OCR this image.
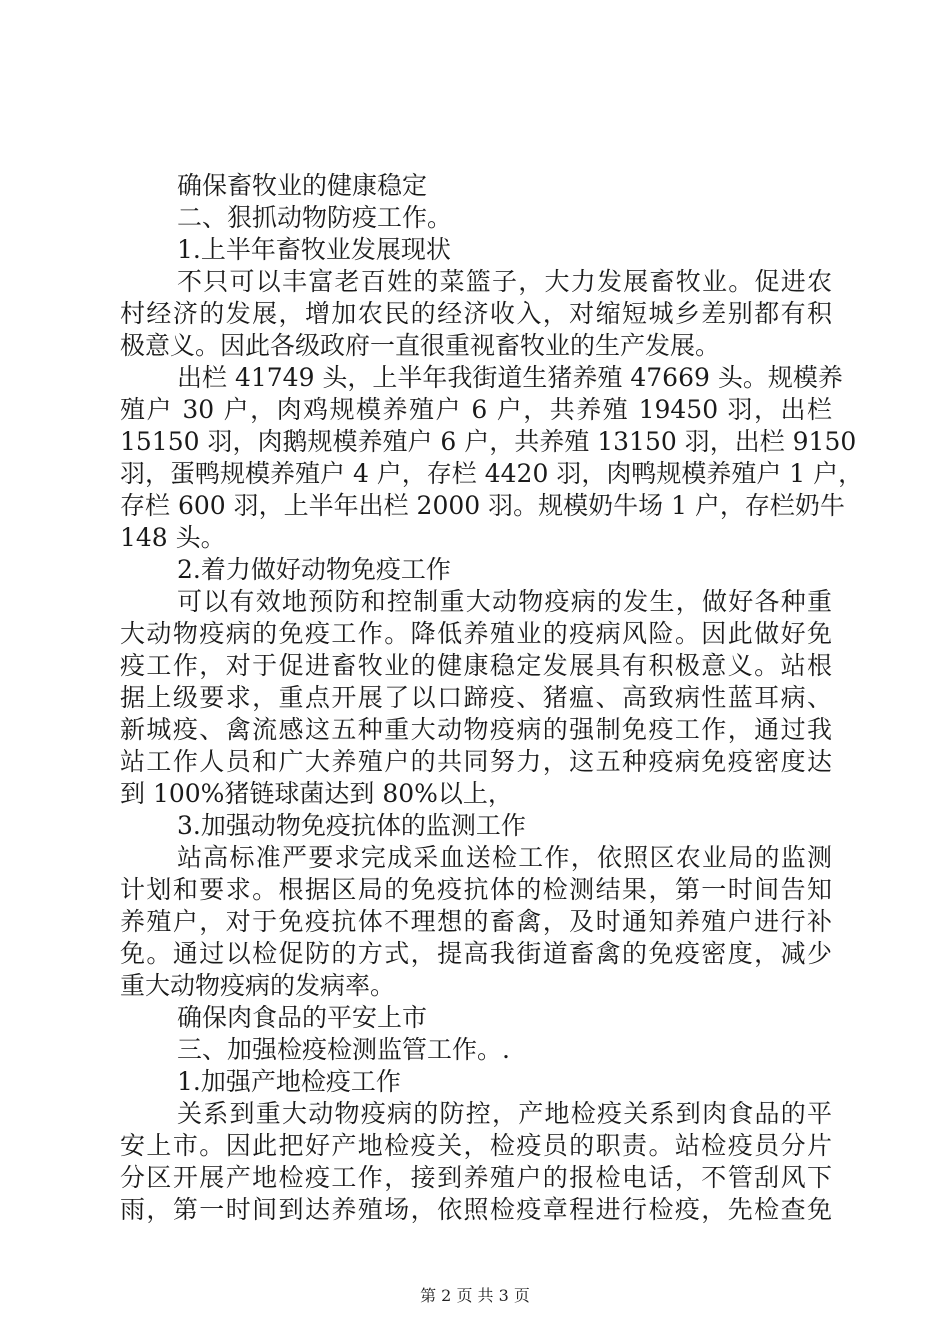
确保畜牧业的健康稳定
二、狠抓动物防疫工作。
1.上半年畜牧业发展现状
不只可以丰富老百姓的菜篮子，大力发展畜牧业。促进农
村经济的发展，增加农民的经济收入，对缩短城乡差别都有积
极意义。因此各级政府一直很重视畜牧业的生产发展。
出栏 41749 头，上半年我街道生猪养殖 47669 头。规模养
殖户 30 户，肉鸡规模养殖户 6 户，共养殖 19450 羽，出栏
15150 羽，肉鹅规模养殖户 6 户，共养殖 13150 羽，出栏 9150
羽，蛋鸭规模养殖户 4 户，存栏 4420 羽，肉鸭规模养殖户 1 户，
存栏 600 羽，上半年出栏 2000 羽。规模奶牛场 1 户，存栏奶牛
148 头。
2.着力做好动物免疫工作
可以有效地预防和控制重大动物疫病的发生，做好各种重
大动物疫病的免疫工作。降低养殖业的疫病风险。因此做好免
疫工作，对于促进畜牧业的健康稳定发展具有积极意义。站根
据上级要求，重点开展了以口蹄疫、猪瘟、高致病性蓝耳病、
新城疫、禽流感这五种重大动物疫病的强制免疫工作，通过我
站工作人员和广大养殖户的共同努力，这五种疫病免疫密度达
到 100%猪链球菌达到 80%以上，
3.加强动物免疫抗体的监测工作
站高标准严要求完成采血送检工作，依照区农业局的监测
计划和要求。根据区局的免疫抗体的检测结果，第一时间告知
养殖户，对于免疫抗体不理想的畜禽，及时通知养殖户进行补
免。通过以检促防的方式，提高我街道畜禽的免疫密度，减少
重大动物疫病的发病率。
确保肉食品的平安上市
三、加强检疫检测监管工作。.
1.加强产地检疫工作
关系到重大动物疫病的防控，产地检疫关系到肉食品的平
安上市。因此把好产地检疫关，检疫员的职责。站检疫员分片
分区开展产地检疫工作，接到养殖户的报检电话，不管刮风下
雨，第一时间到达养殖场，依照检疫章程进行检疫，先检查免
第 2 页 共 3 页
